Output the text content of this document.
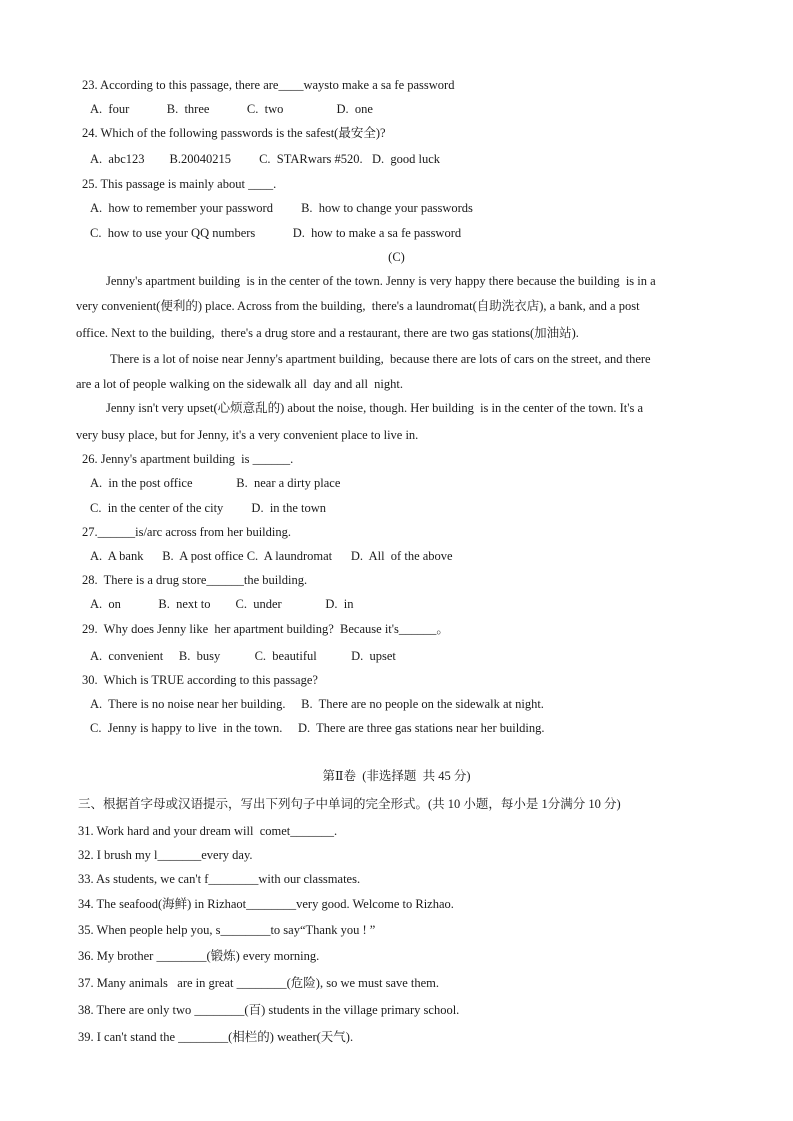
23. According to this passage, there are____waysto make a sa fe password
A.  four            B.  three            C.  two                 D.  one
24. Which of the following passwords is the safest(最安全)?
A.  abc123        B.20040215         C.  STARwars #520.   D.  good luck
25. This passage is mainly about ____.
A.  how to remember your password         B.  how to change your passwords
C.  how to use your QQ numbers            D.  how to make a sa fe password
(C)
Jenny's apartment building  is in the center of the town. Jenny is very happy there because the building  is in a
very convenient(便利的) place. Across from the building,  there's a laundromat(自助洗衣店), a bank, and a post
office. Next to the building,  there's a drug store and a restaurant, there are two gas stations(加油站).
There is a lot of noise near Jenny's apartment building,  because there are lots of cars on the street, and there
are a lot of people walking on the sidewalk all  day and all  night.
Jenny isn't very upset(心烦意乱的) about the noise, though. Her building  is in the center of the town. It's a
very busy place, but for Jenny, it's a very convenient place to live in.
26. Jenny's apartment building  is ______.
A.  in the post office              B.  near a dirty place
C.  in the center of the city         D.  in the town
27.______is/arc across from her building.
A.  A bank      B.  A post office C.  A laundromat      D.  All  of the above
28.  There is a drug store______the building.
A.  on            B.  next to        C.  under              D.  in
29.  Why does Jenny like  her apartment building?  Because it's______。
A.  convenient     B.  busy           C.  beautiful           D.  upset
30.  Which is TRUE according to this passage?
A.  There is no noise near her building.     B.  There are no people on the sidewalk at night.
C.  Jenny is happy to live  in the town.     D.  There are three gas stations near her building.
第Ⅱ卷  (非选择题  共 45 分)
三、根据首字母或汉语提示，写出下列句子中单词的完全形式。(共 10 小题，每小是 1分满分 10 分)
31. Work hard and your dream will  comet_______.
32. I brush my l_______every day.
33. As students, we can't f________with our classmates.
34. The seafood(海鲜) in Rizhaot________very good. Welcome to Rizhao.
35. When people help you, s________to say“Thank you ! ”
36. My brother ________(锻炼) every morning.
37. Many animals   are in great ________(危险), so we must save them.
38. There are only two ________(百) students in the village primary school.
39. I can't stand the ________(相栏的) weather(天气).
